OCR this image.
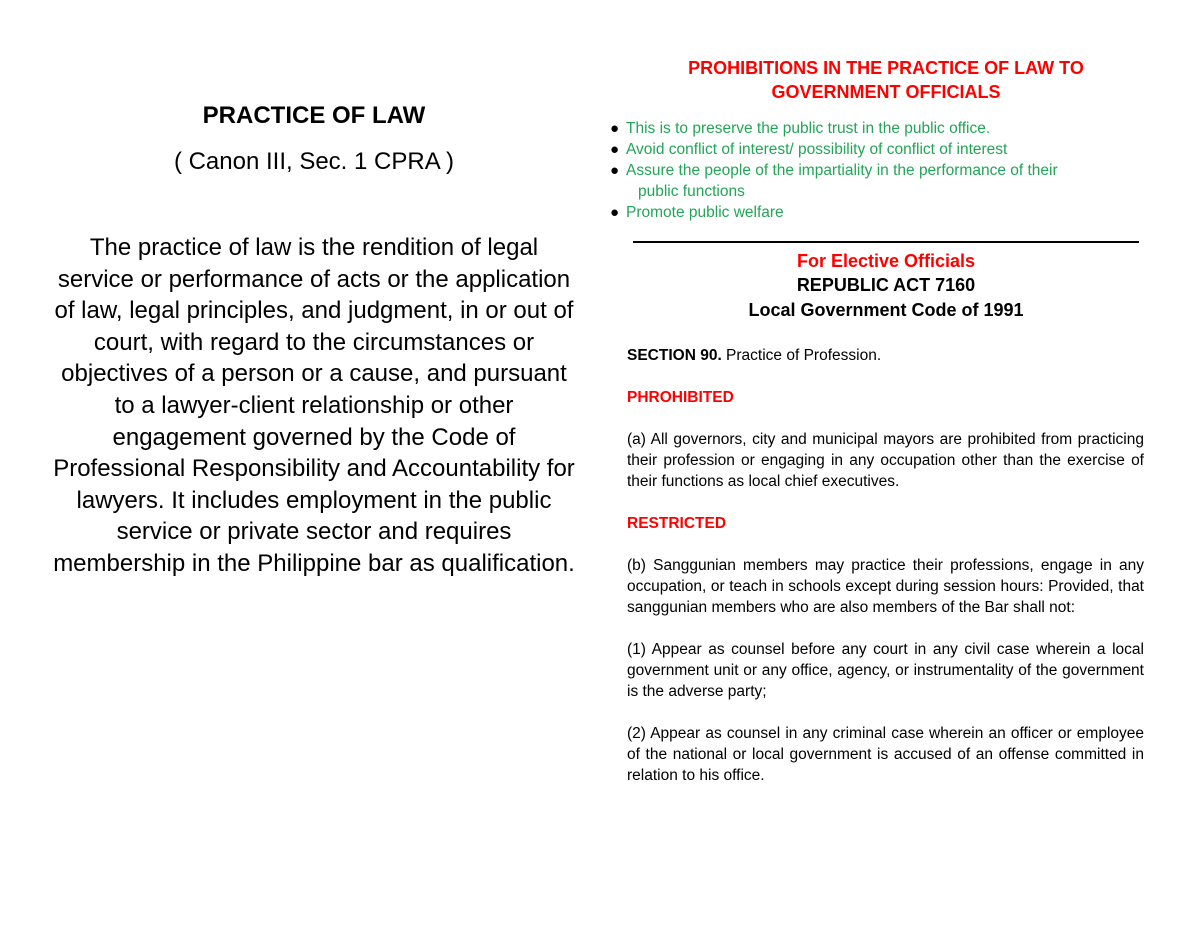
PRACTICE OF LAW

( Canon III, Sec. 1 CPRA )

The practice of law is the rendition of legal service or performance of acts or the application of law, legal principles, and judgment, in or out of court, with regard to the circumstances or objectives of a person or a cause, and pursuant to a lawyer-client relationship or other engagement governed by the Code of Professional Responsibility and Accountability for lawyers. It includes employment in the public service or private sector and requires membership in the Philippine bar as qualification.

PROHIBITIONS IN THE PRACTICE OF LAW TO
GOVERNMENT OFFICIALS
● This is to preserve the public trust in the public office.
● Avoid conflict of interest/ possibility of conflict of interest
● Assure the people of the impartiality in the performance of their
public functions
● Promote public welfare
For Elective Officials
REPUBLIC ACT 7160
Local Government Code of 1991

SECTION 90. Practice of Profession.

PHROHIBITED

(a) All governors, city and municipal mayors are prohibited from practicing their profession or engaging in any occupation other than the exercise of their functions as local chief executives.

RESTRICTED

(b) Sanggunian members may practice their professions, engage in any occupation, or teach in schools except during session hours: Provided, that sanggunian members who are also members of the Bar shall not:

(1) Appear as counsel before any court in any civil case wherein a local government unit or any office, agency, or instrumentality of the government is the adverse party;

(2) Appear as counsel in any criminal case wherein an officer or employee of the national or local government is accused of an offense committed in relation to his office.
